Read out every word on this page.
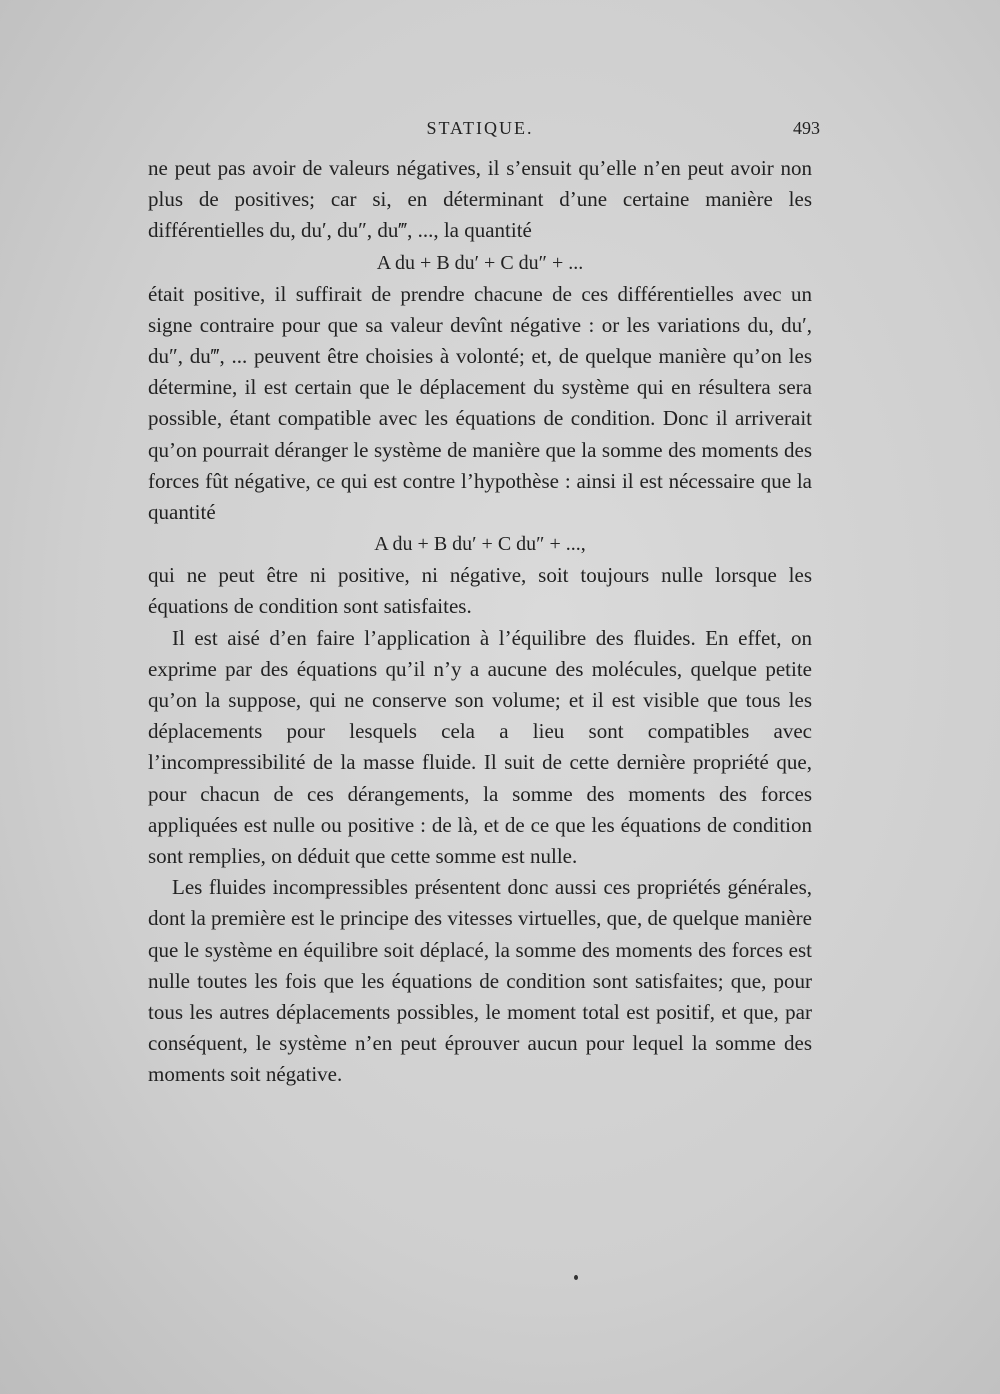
STATIQUE.	493

ne peut pas avoir de valeurs négatives, il s’ensuit qu’elle n’en peut avoir non plus de positives; car si, en déterminant d’une certaine manière les différentielles du, du′, du″, du‴, ..., la quantité

A du + B du′ + C du″ + ...

était positive, il suffirait de prendre chacune de ces différentielles avec un signe contraire pour que sa valeur devînt négative : or les variations du, du′, du″, du‴, ... peuvent être choisies à volonté; et, de quelque manière qu’on les détermine, il est certain que le déplacement du système qui en résultera sera possible, étant compatible avec les équations de condition. Donc il arriverait qu’on pourrait déranger le système de manière que la somme des moments des forces fût négative, ce qui est contre l’hypothèse : ainsi il est nécessaire que la quantité

A du + B du′ + C du″ + ...,

qui ne peut être ni positive, ni négative, soit toujours nulle lorsque les équations de condition sont satisfaites.

Il est aisé d’en faire l’application à l’équilibre des fluides. En effet, on exprime par des équations qu’il n’y a aucune des molécules, quelque petite qu’on la suppose, qui ne conserve son volume; et il est visible que tous les déplacements pour lesquels cela a lieu sont compatibles avec l’incompressibilité de la masse fluide. Il suit de cette dernière propriété que, pour chacun de ces dérangements, la somme des moments des forces appliquées est nulle ou positive : de là, et de ce que les équations de condition sont remplies, on déduit que cette somme est nulle.

Les fluides incompressibles présentent donc aussi ces propriétés générales, dont la première est le principe des vitesses virtuelles, que, de quelque manière que le système en équilibre soit déplacé, la somme des moments des forces est nulle toutes les fois que les équations de condition sont satisfaites; que, pour tous les autres déplacements possibles, le moment total est positif, et que, par conséquent, le système n’en peut éprouver aucun pour lequel la somme des moments soit négative.
